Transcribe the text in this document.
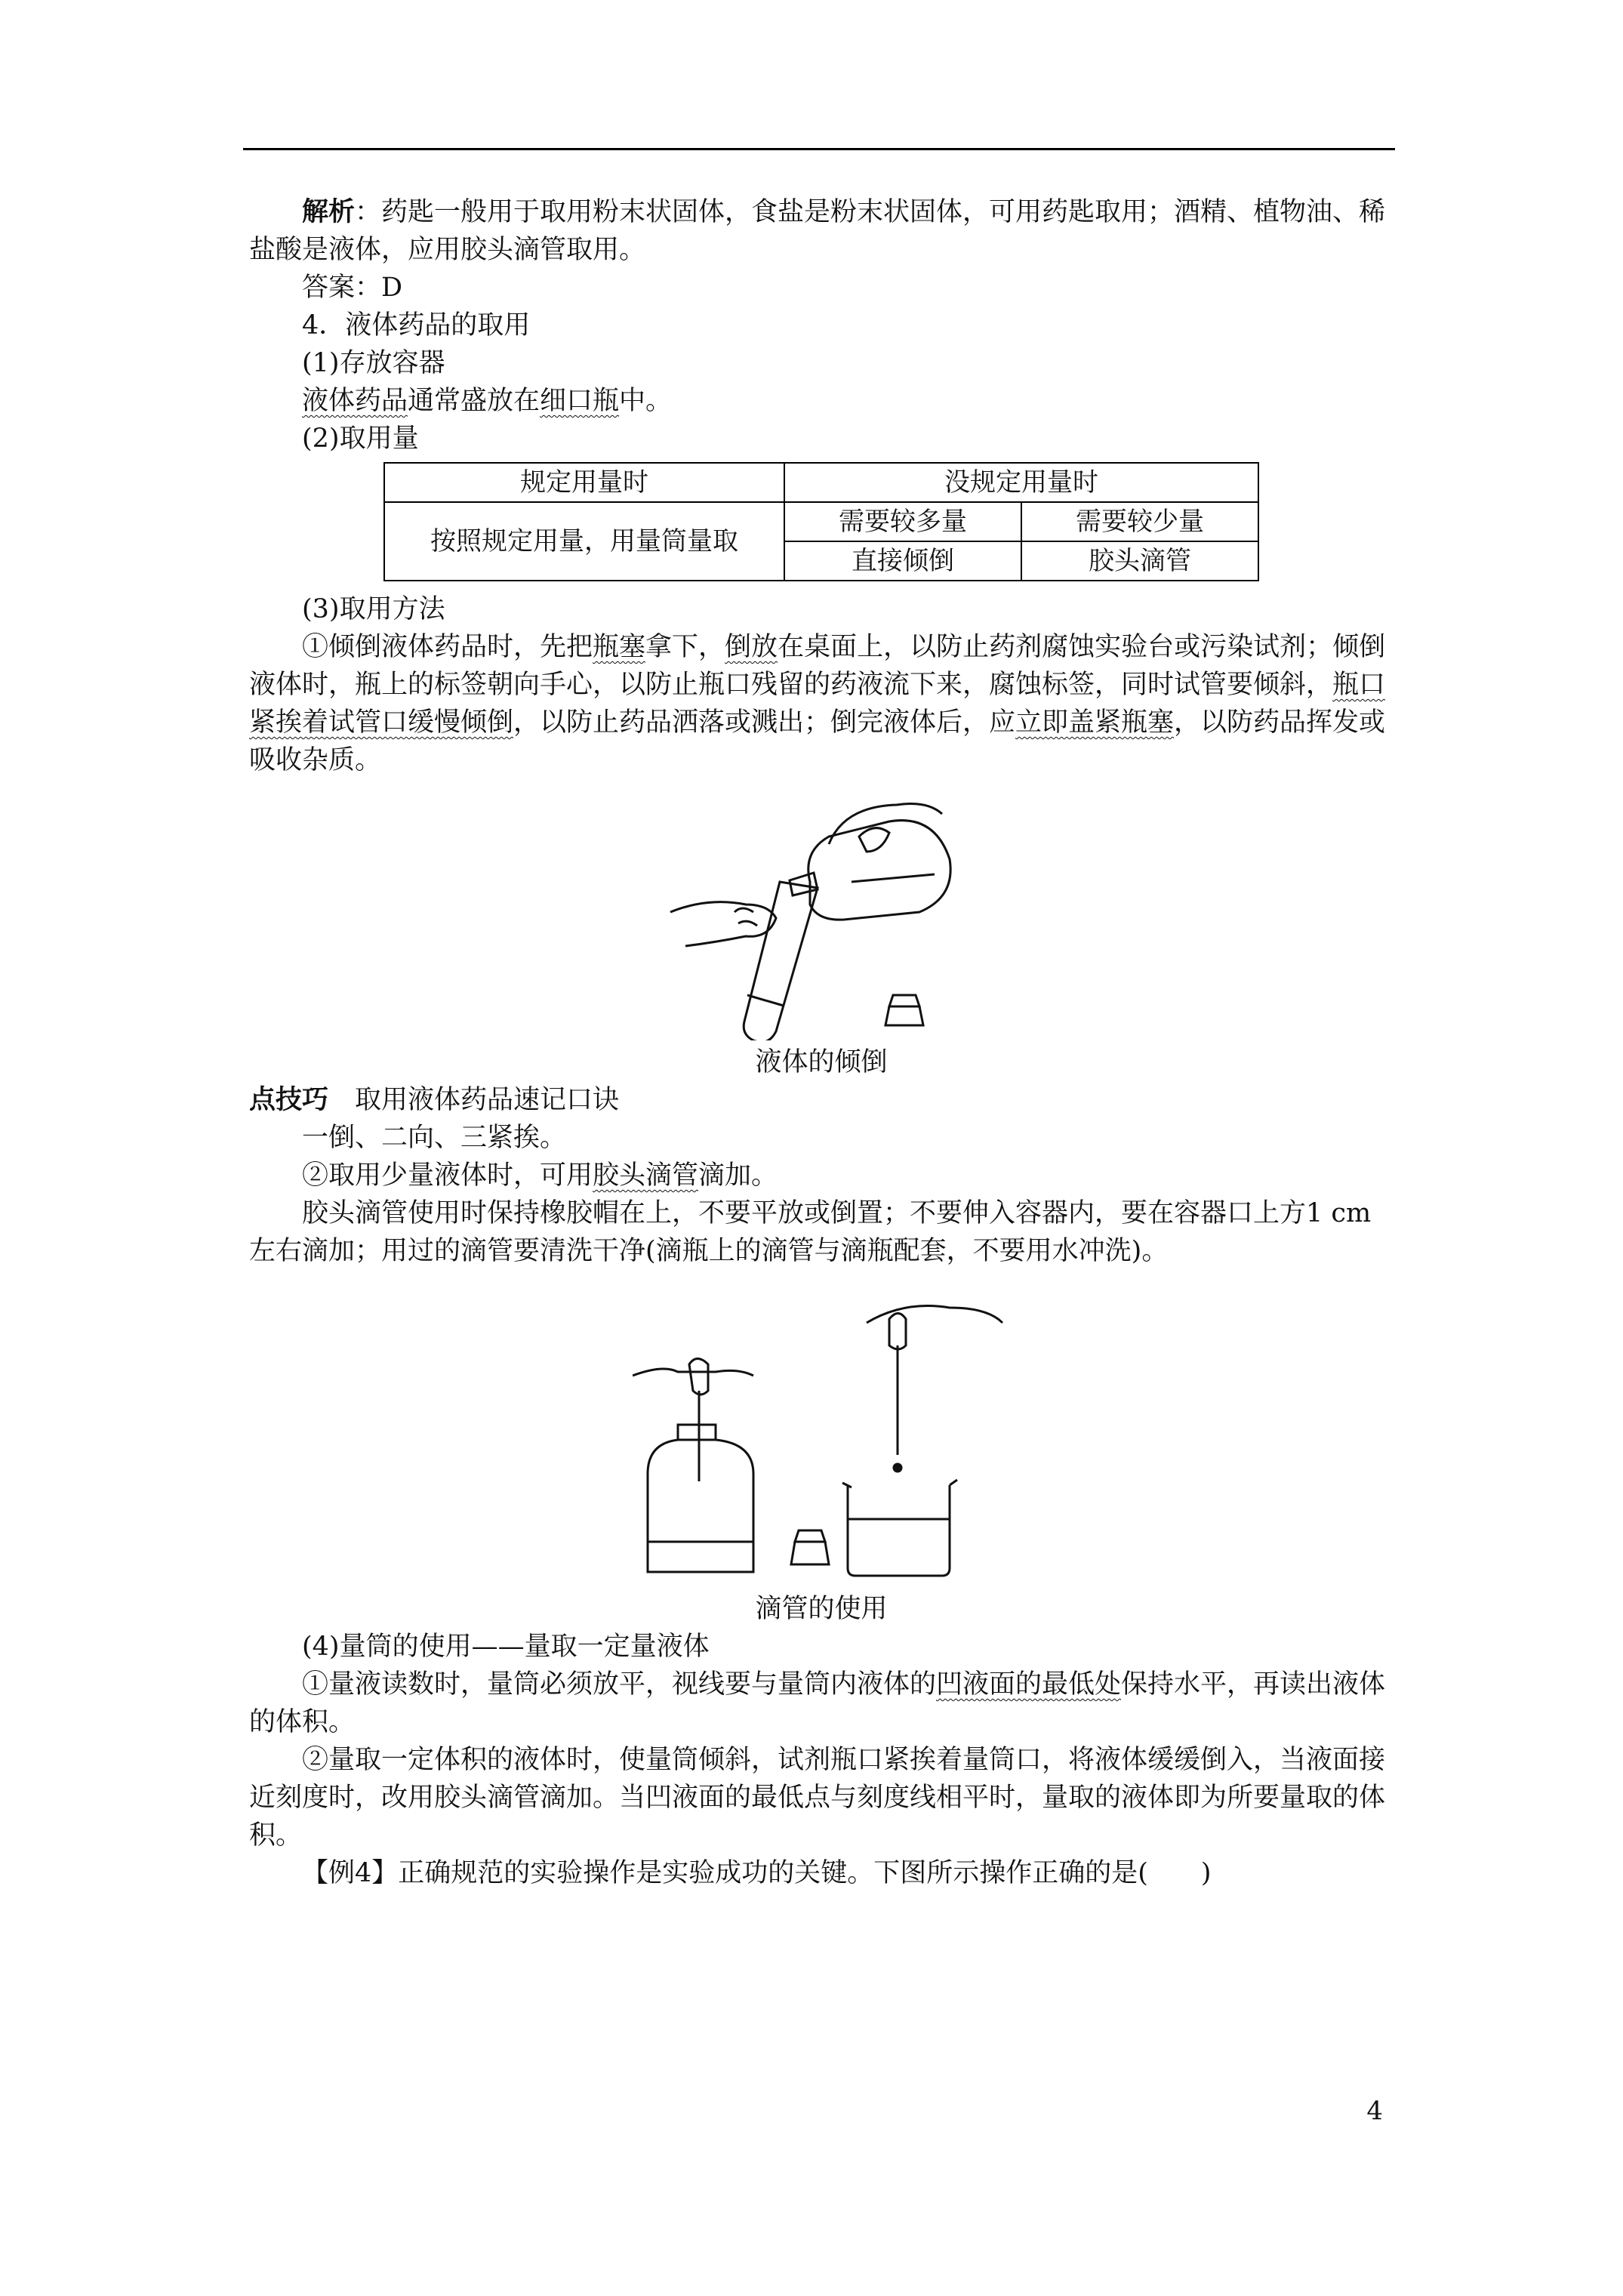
解析：药匙一般用于取用粉末状固体，食盐是粉末状固体，可用药匙取用；酒精、植物油、稀盐酸是液体，应用胶头滴管取用。

答案：D

4．液体药品的取用

(1)存放容器

液体药品通常盛放在细口瓶中。

(2)取用量

规定用量时	没规定用量时	
按照规定用量，用量筒量取	需要较多量	需要较少量
	直接倾倒	胶头滴管

(3)取用方法

①倾倒液体药品时，先把瓶塞拿下，倒放在桌面上，以防止药剂腐蚀实验台或污染试剂；倾倒液体时，瓶上的标签朝向手心，以防止瓶口残留的药液流下来，腐蚀标签，同时试管要倾斜，瓶口紧挨着试管口缓慢倾倒，以防止药品洒落或溅出；倒完液体后，应立即盖紧瓶塞，以防药品挥发或吸收杂质。

液体的倾倒

点技巧　 取用液体药品速记口诀

一倒、二向、三紧挨。

②取用少量液体时，可用胶头滴管滴加。

胶头滴管使用时保持橡胶帽在上，不要平放或倒置；不要伸入容器内，要在容器口上方1 cm左右滴加；用过的滴管要清洗干净(滴瓶上的滴管与滴瓶配套，不要用水冲洗)。

滴管的使用

(4)量筒的使用——量取一定量液体

①量液读数时，量筒必须放平，视线要与量筒内液体的凹液面的最低处保持水平，再读出液体的体积。

②量取一定体积的液体时，使量筒倾斜，试剂瓶口紧挨着量筒口，将液体缓缓倒入，当液面接近刻度时，改用胶头滴管滴加。当凹液面的最低点与刻度线相平时，量取的液体即为所要量取的体积。

【例4】正确规范的实验操作是实验成功的关键。下图所示操作正确的是(　　)

4
